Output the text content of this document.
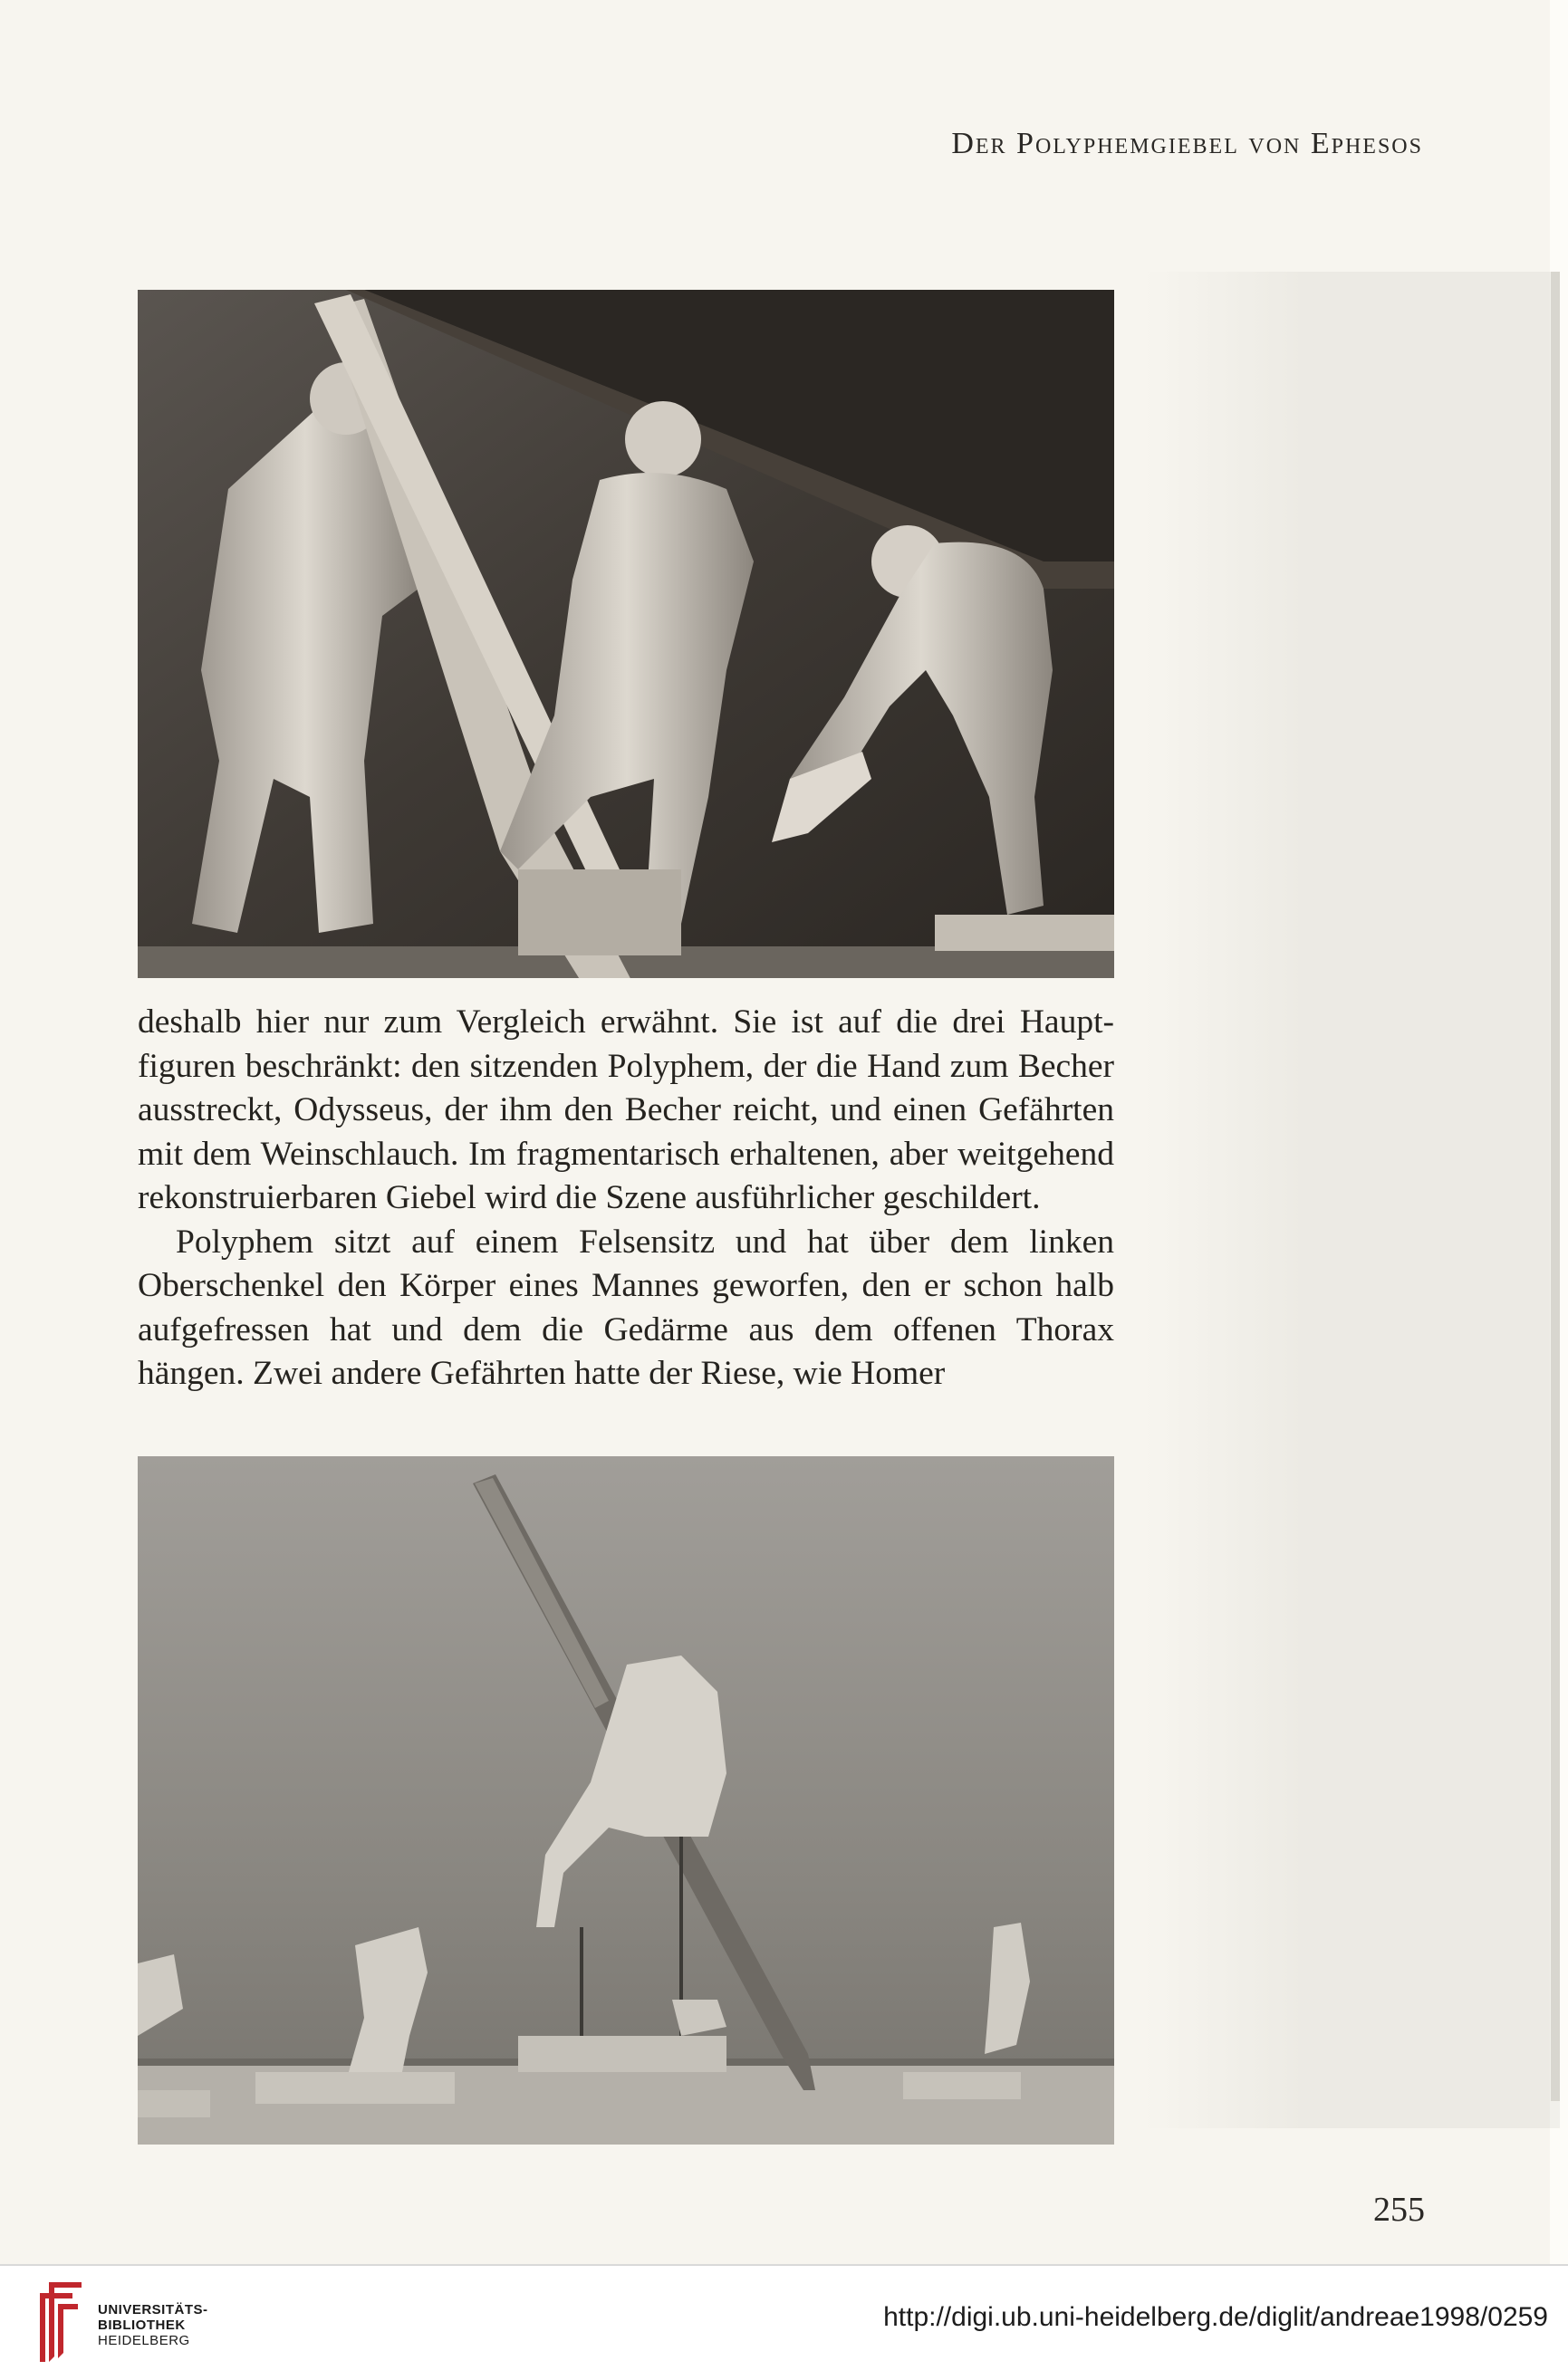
Der Polyphemgiebel von Ephesos

deshalb hier nur zum Vergleich erwähnt. Sie ist auf die drei Hauptfiguren beschränkt: den sitzenden Polyphem, der die Hand zum Becher ausstreckt, Odysseus, der ihm den Becher reicht, und einen Gefährten mit dem Weinschlauch. Im fragmentarisch erhaltenen, aber weitgehend rekonstruierbaren Giebel wird die Szene ausführlicher geschildert.

Polyphem sitzt auf einem Felsensitz und hat über dem linken Oberschenkel den Körper eines Mannes geworfen, den er schon halb aufgefressen hat und dem die Gedärme aus dem offenen Thorax hängen. Zwei andere Gefährten hatte der Riese, wie Homer

255
UNIVERSITÄTS-
BIBLIOTHEK
HEIDELBERG
http://digi.ub.uni-heidelberg.de/diglit/andreae1998/0259
